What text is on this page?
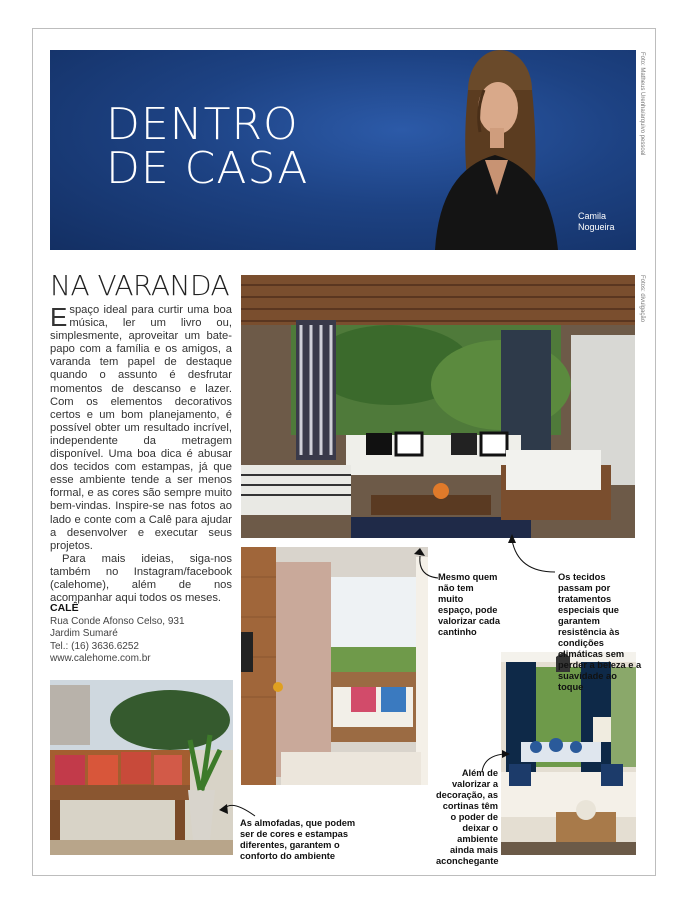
DENTRO
DE CASA
Camila
Nogueira
Foto: Matheus Urenha/arquivo pessoal
NA VARANDA

Espaço ideal para curtir uma boa música, ler um livro ou, simplesmente, aproveitar um bate-papo com a família e os amigos, a varanda tem papel de destaque quando o assunto é desfrutar momentos de descanso e lazer. Com os elementos decorativos certos e um bom planejamento, é possível obter um resultado incrível, independente da metragem disponível. Uma boa dica é abusar dos tecidos com estampas, já que esse ambiente tende a ser menos formal, e as cores são sempre muito bem-vindas. Inspire-se nas fotos ao lado e conte com a Calê para ajudar a desenvolver e executar seus projetos.

Para mais ideias, siga-nos também no Instagram/facebook (calehome), além de nos acompanhar aqui todos os meses.

CALÊ
Rua Conde Afonso Celso, 931
Jardim Sumaré
Tel.: (16) 3636.6252
www.calehome.com.br
Fotos: divulgação
Os tecidos passam por tratamentos especiais que garantem resistência às condições climáticas sem perder a beleza e a suavidade ao toque
Mesmo quem não tem muito espaço, pode valorizar cada cantinho
As almofadas, que podem ser de cores e estampas diferentes, garantem o conforto do ambiente
Além de valorizar a decoração, as cortinas têm o poder de deixar o ambiente ainda mais aconchegante
